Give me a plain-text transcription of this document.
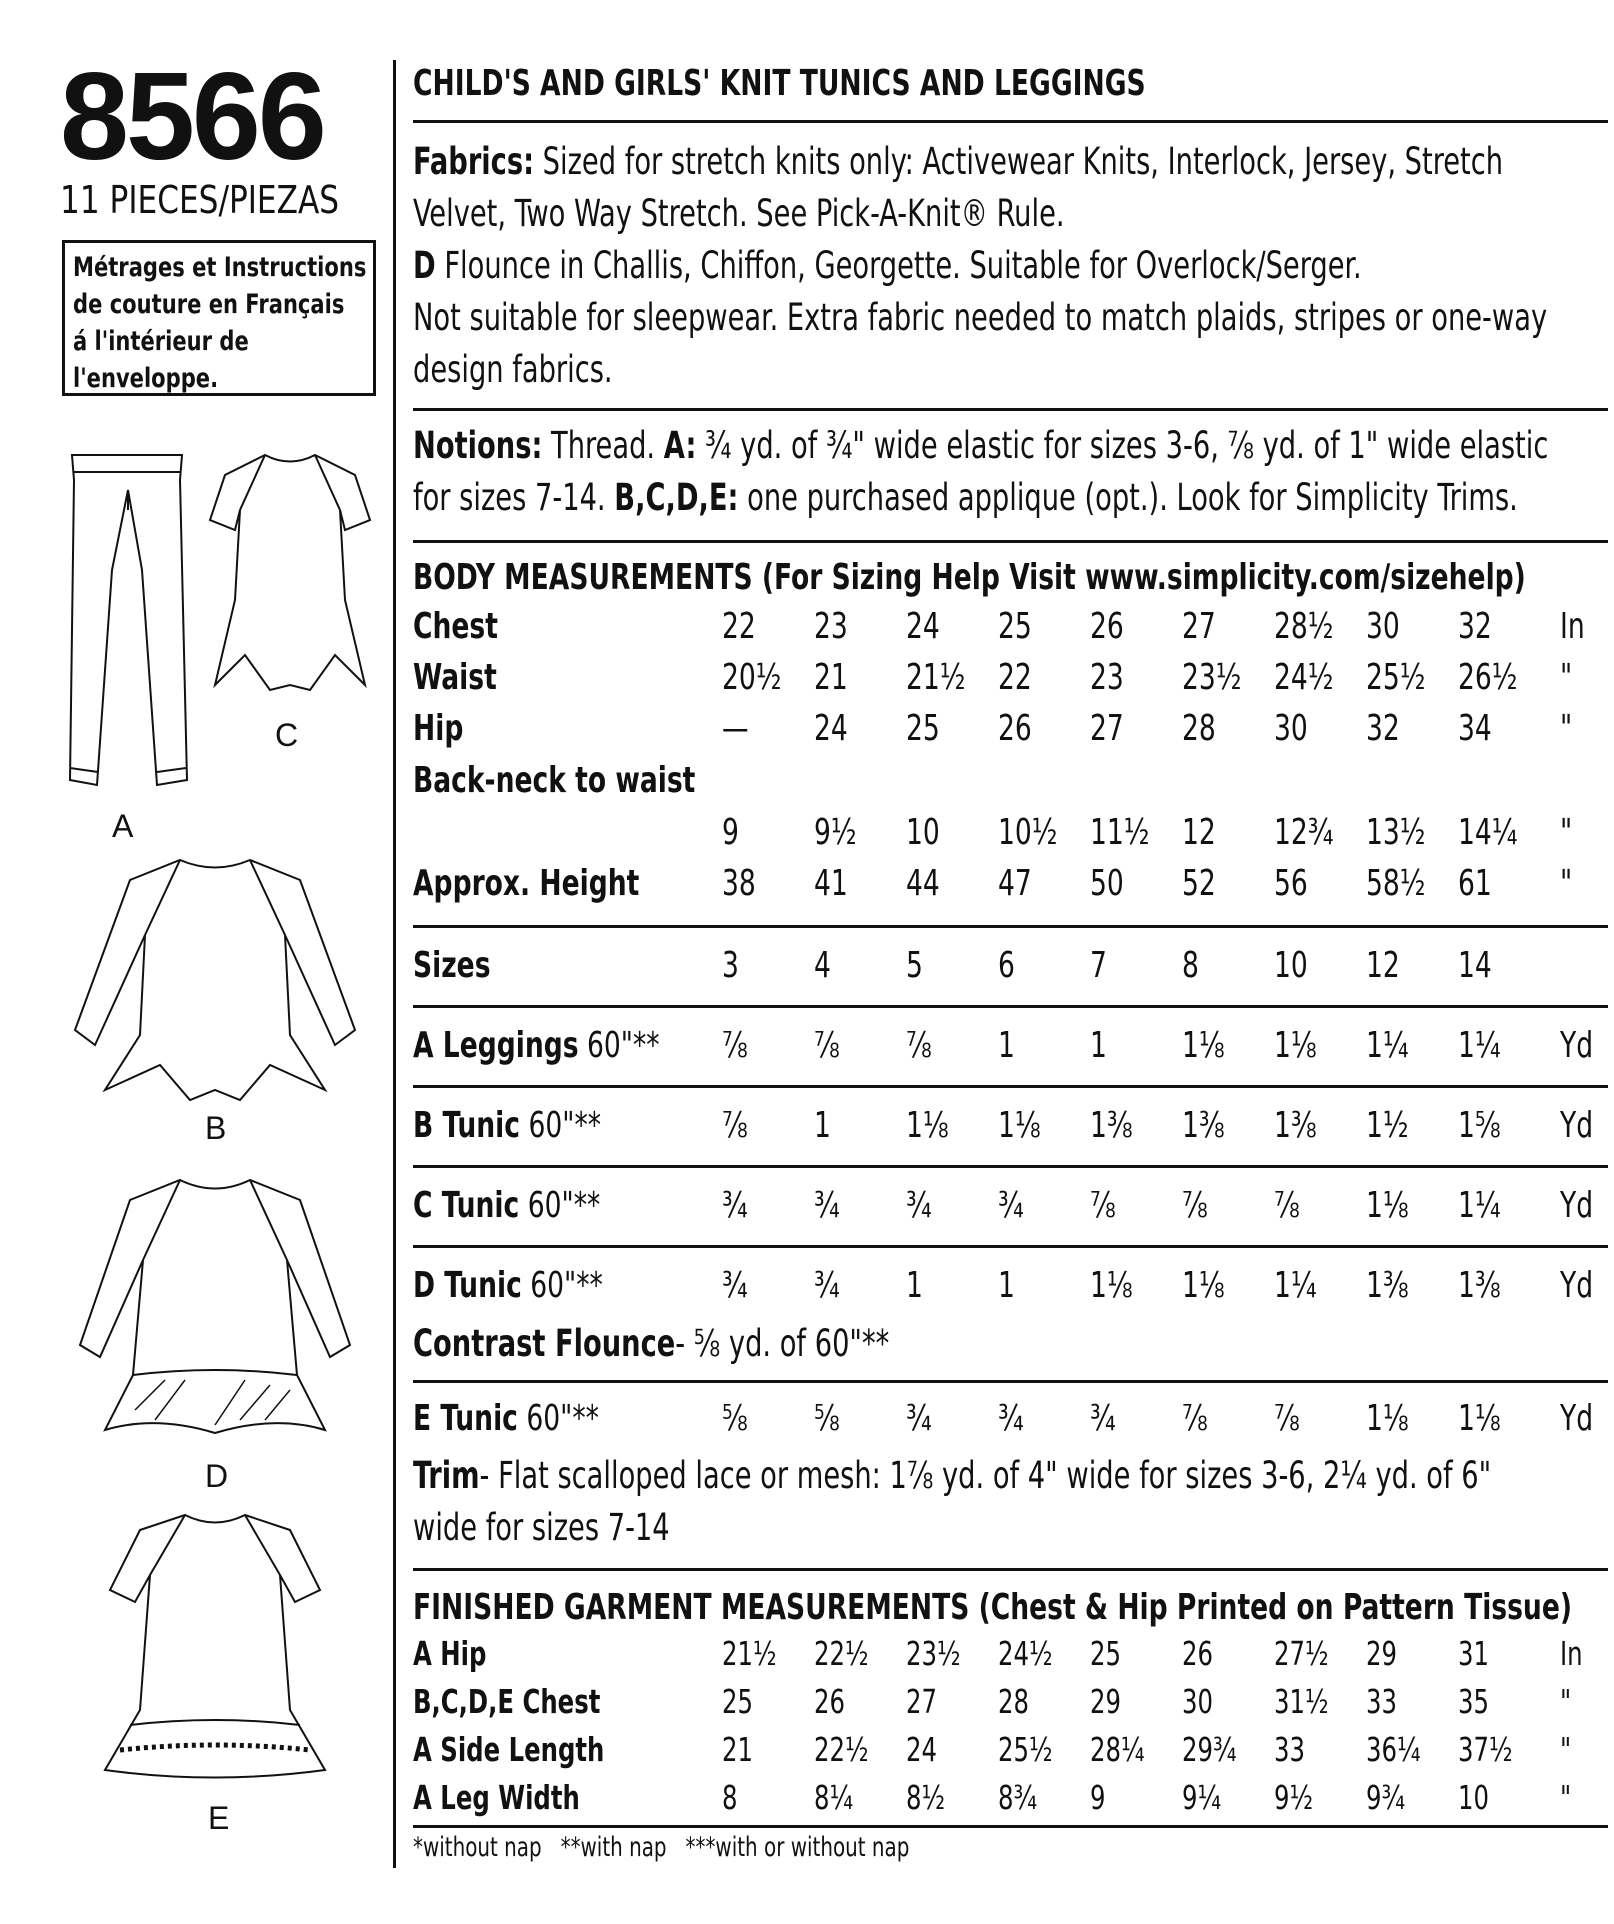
8566
11 PIECES/PIEZAS
Métrages et Instructions
de couture en Français
á l'intérieur de
l'enveloppe.
A
C
B
D
E
CHILD'S AND GIRLS' KNIT TUNICS AND LEGGINGS
Fabrics: Sized for stretch knits only: Activewear Knits, Interlock, Jersey, Stretch
Velvet, Two Way Stretch. See Pick-A-Knit® Rule.
D Flounce in Challis, Chiffon, Georgette. Suitable for Overlock/Serger.
Not suitable for sleepwear. Extra fabric needed to match plaids, stripes or one-way
design fabrics.
Notions: Thread. A: ¾ yd. of ¾" wide elastic for sizes 3-6, ⅞ yd. of 1" wide elastic
for sizes 7-14. B,C,D,E: one purchased applique (opt.). Look for Simplicity Trims.
BODY MEASUREMENTS (For Sizing Help Visit www.simplicity.com/sizehelp)
Chest	22 23 24 25 26 27 28½ 30 32 In
Waist	20½ 21 21½ 22 23 23½ 24½ 25½ 26½ "
Hip	— 24 25 26 27 28 30 32 34 "
Back-neck to waist
9 9½ 10 10½ 11½ 12 12¾ 13½ 14¼ "
Approx. Height 38 41 44 47 50 52 56 58½ 61 "
Sizes	3 4 5 6 7 8 10 12 14
A Leggings 60"** ⅞ ⅞ ⅞ 1 1 1⅛ 1⅛ 1¼ 1¼ Yd
B Tunic 60"**	⅞ 1 1⅛ 1⅛ 1⅜ 1⅜ 1⅜ 1½ 1⅝ Yd
C Tunic 60"**	¾ ¾ ¾ ¾ ⅞ ⅞ ⅞ 1⅛ 1¼ Yd
D Tunic 60"**	¾ ¾ 1 1 1⅛ 1⅛ 1¼ 1⅜ 1⅜ Yd
E Tunic 60"**	⅝ ⅝ ¾ ¾ ¾ ⅞ ⅞ 1⅛ 1⅛ Yd
A Hip	21½ 22½ 23½ 24½ 25 26 27½ 29 31 In
B,C,D,E Chest	25 26 27 28 29 30 31½ 33 35 "
A Side Length	21 22½ 24 25½ 28¼ 29¾ 33 36¼ 37½ "
A Leg Width	8 8¼ 8½ 8¾ 9 9¼ 9½ 9¾ 10 "
Contrast Flounce- ⅝ yd. of 60"**
Trim- Flat scalloped lace or mesh: 1⅞ yd. of 4" wide for sizes 3-6, 2¼ yd. of 6"
wide for sizes 7-14
FINISHED GARMENT MEASUREMENTS (Chest & Hip Printed on Pattern Tissue)
*without nap   **with nap   ***with or without nap
